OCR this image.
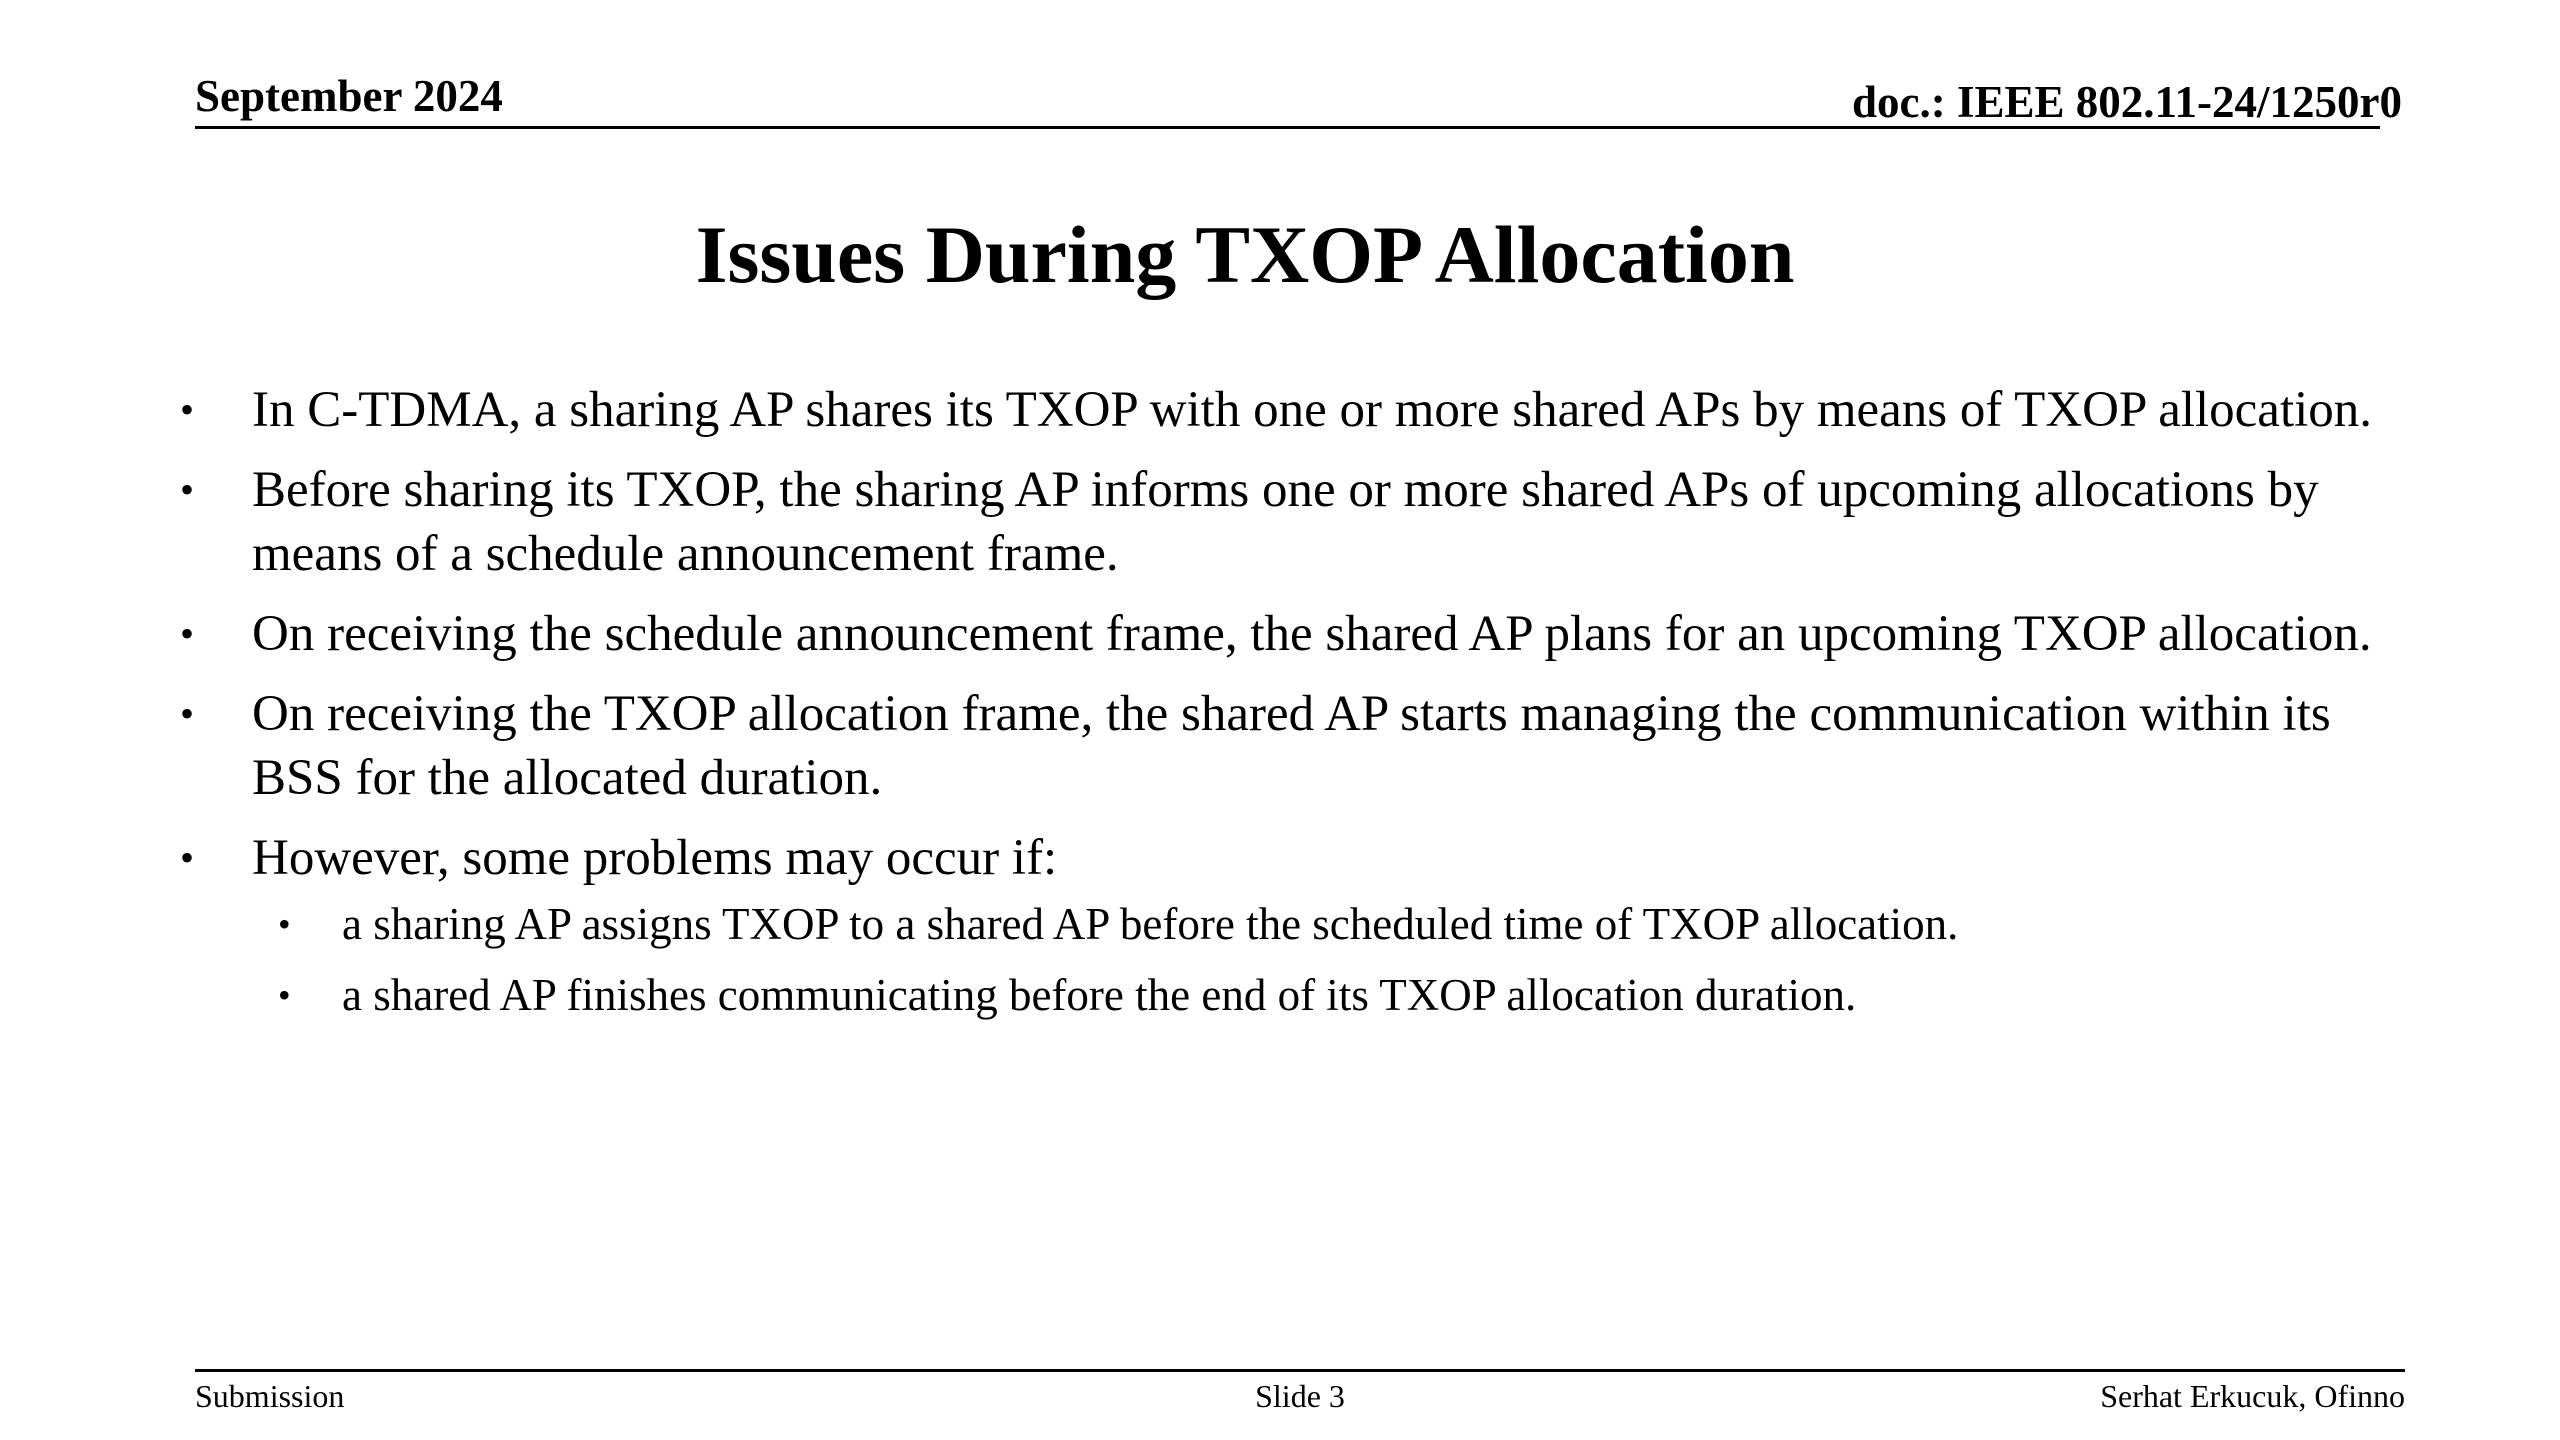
September 2024	doc.: IEEE 802.11-24/1250r0
Issues During TXOP Allocation
•	In C-TDMA, a sharing AP shares its TXOP with one or more shared APs by means of TXOP allocation.
•	Before sharing its TXOP, the sharing AP informs one or more shared APs of upcoming allocations by means of a schedule announcement frame.
•	On receiving the schedule announcement frame, the shared AP plans for an upcoming TXOP allocation.
•	On receiving the TXOP allocation frame, the shared AP starts managing the communication within its BSS for the allocated duration.
•	However, some problems may occur if:
•	a sharing AP assigns TXOP to a shared AP before the scheduled time of TXOP allocation.
•	a shared AP finishes communicating before the end of its TXOP allocation duration.
Submission	Slide 3	Serhat Erkucuk, Ofinno
